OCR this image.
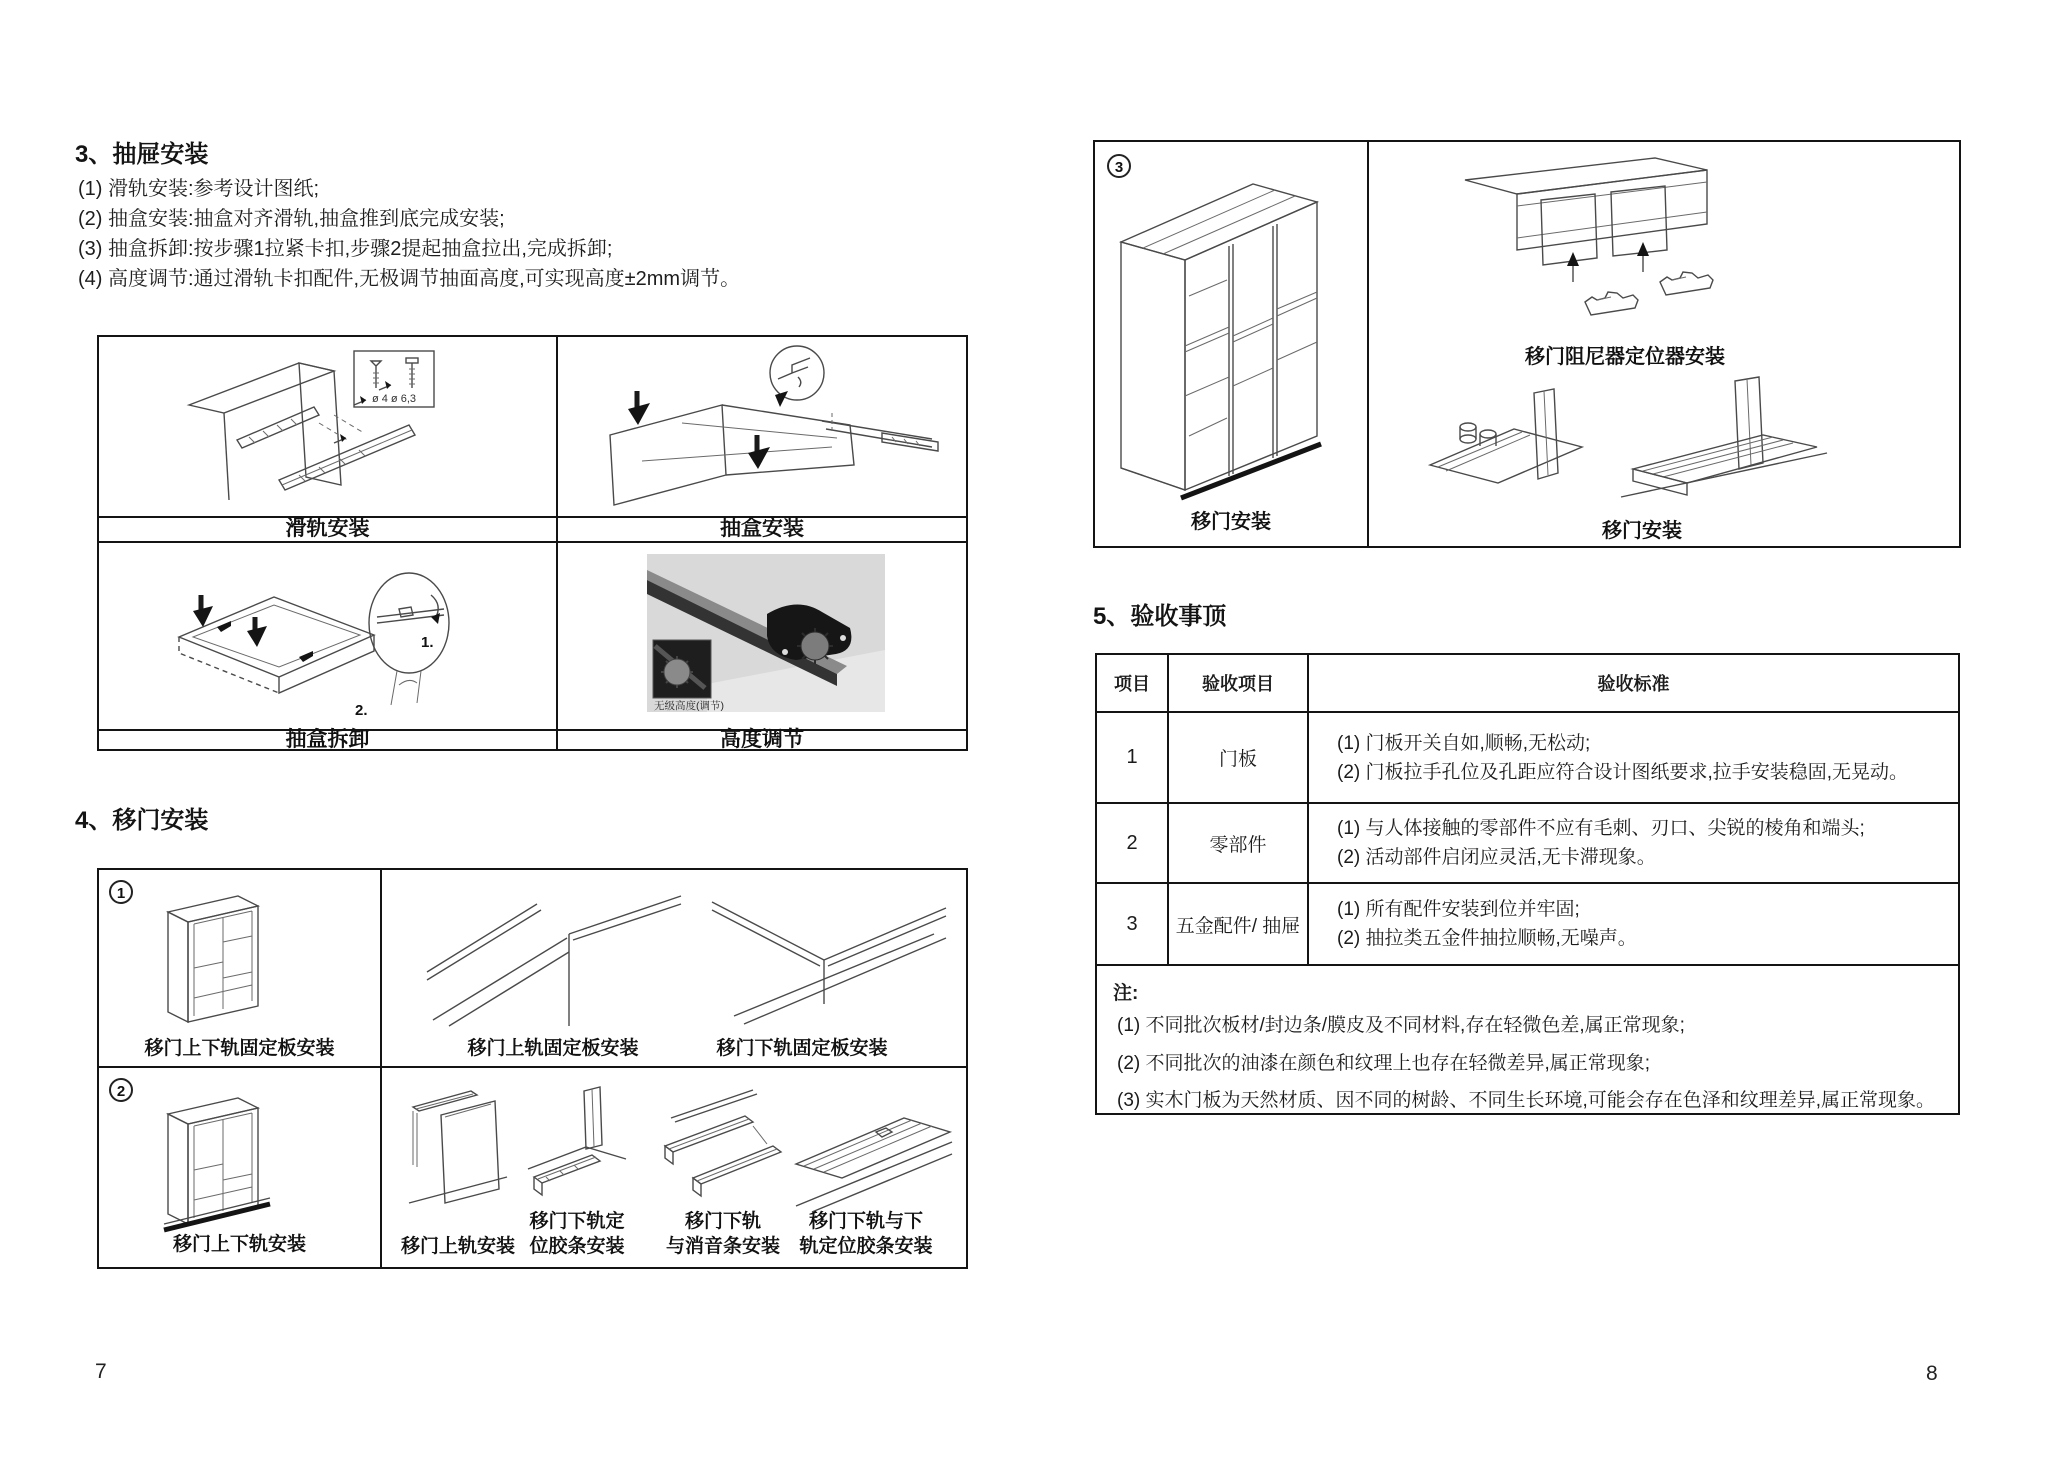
3、抽屉安装
(1) 滑轨安装:参考设计图纸;
(2) 抽盒安装:抽盒对齐滑轨,抽盒推到底完成安装;
(3) 抽盒拆卸:按步骤1拉紧卡扣,步骤2提起抽盒拉出,完成拆卸;
(4) 高度调节:通过滑轨卡扣配件,无极调节抽面高度,可实现高度±2mm调节。
ø 4 ø 6,3
1.
2.	无级高度(调节)
滑轨安装	抽盒安装
抽盒拆卸	高度调节
4、移门安装
1
移门上下轨固定板安装	移门上轨固定板安装	移门下轨固定板安装
2
移门上下轨安装	移门上轨安装
移门下轨定
位胶条安装
移门下轨
与消音条安装
移门下轨与下
轨定位胶条安装
7
3
移门安装
移门阻尼器定位器安装
移门安装
5、验收事顶
项目	验收项目	验收标准
1	门板
(1) 门板开关自如,顺畅,无松动;
(2) 门板拉手孔位及孔距应符合设计图纸要求,拉手安装稳固,无晃动。
2	零部件
(1) 与人体接触的零部件不应有毛刺、刃口、尖锐的棱角和端头;
(2) 活动部件启闭应灵活,无卡滞现象。
3	五金配件/ 抽屉
(1) 所有配件安装到位并牢固;
(2) 抽拉类五金件抽拉顺畅,无噪声。
注:
(1) 不同批次板材/封边条/膜皮及不同材料,存在轻微色差,属正常现象;
(2) 不同批次的油漆在颜色和纹理上也存在轻微差异,属正常现象;
(3) 实木门板为天然材质、因不同的树龄、不同生长环境,可能会存在色泽和纹理差异,属正常现象。
8
